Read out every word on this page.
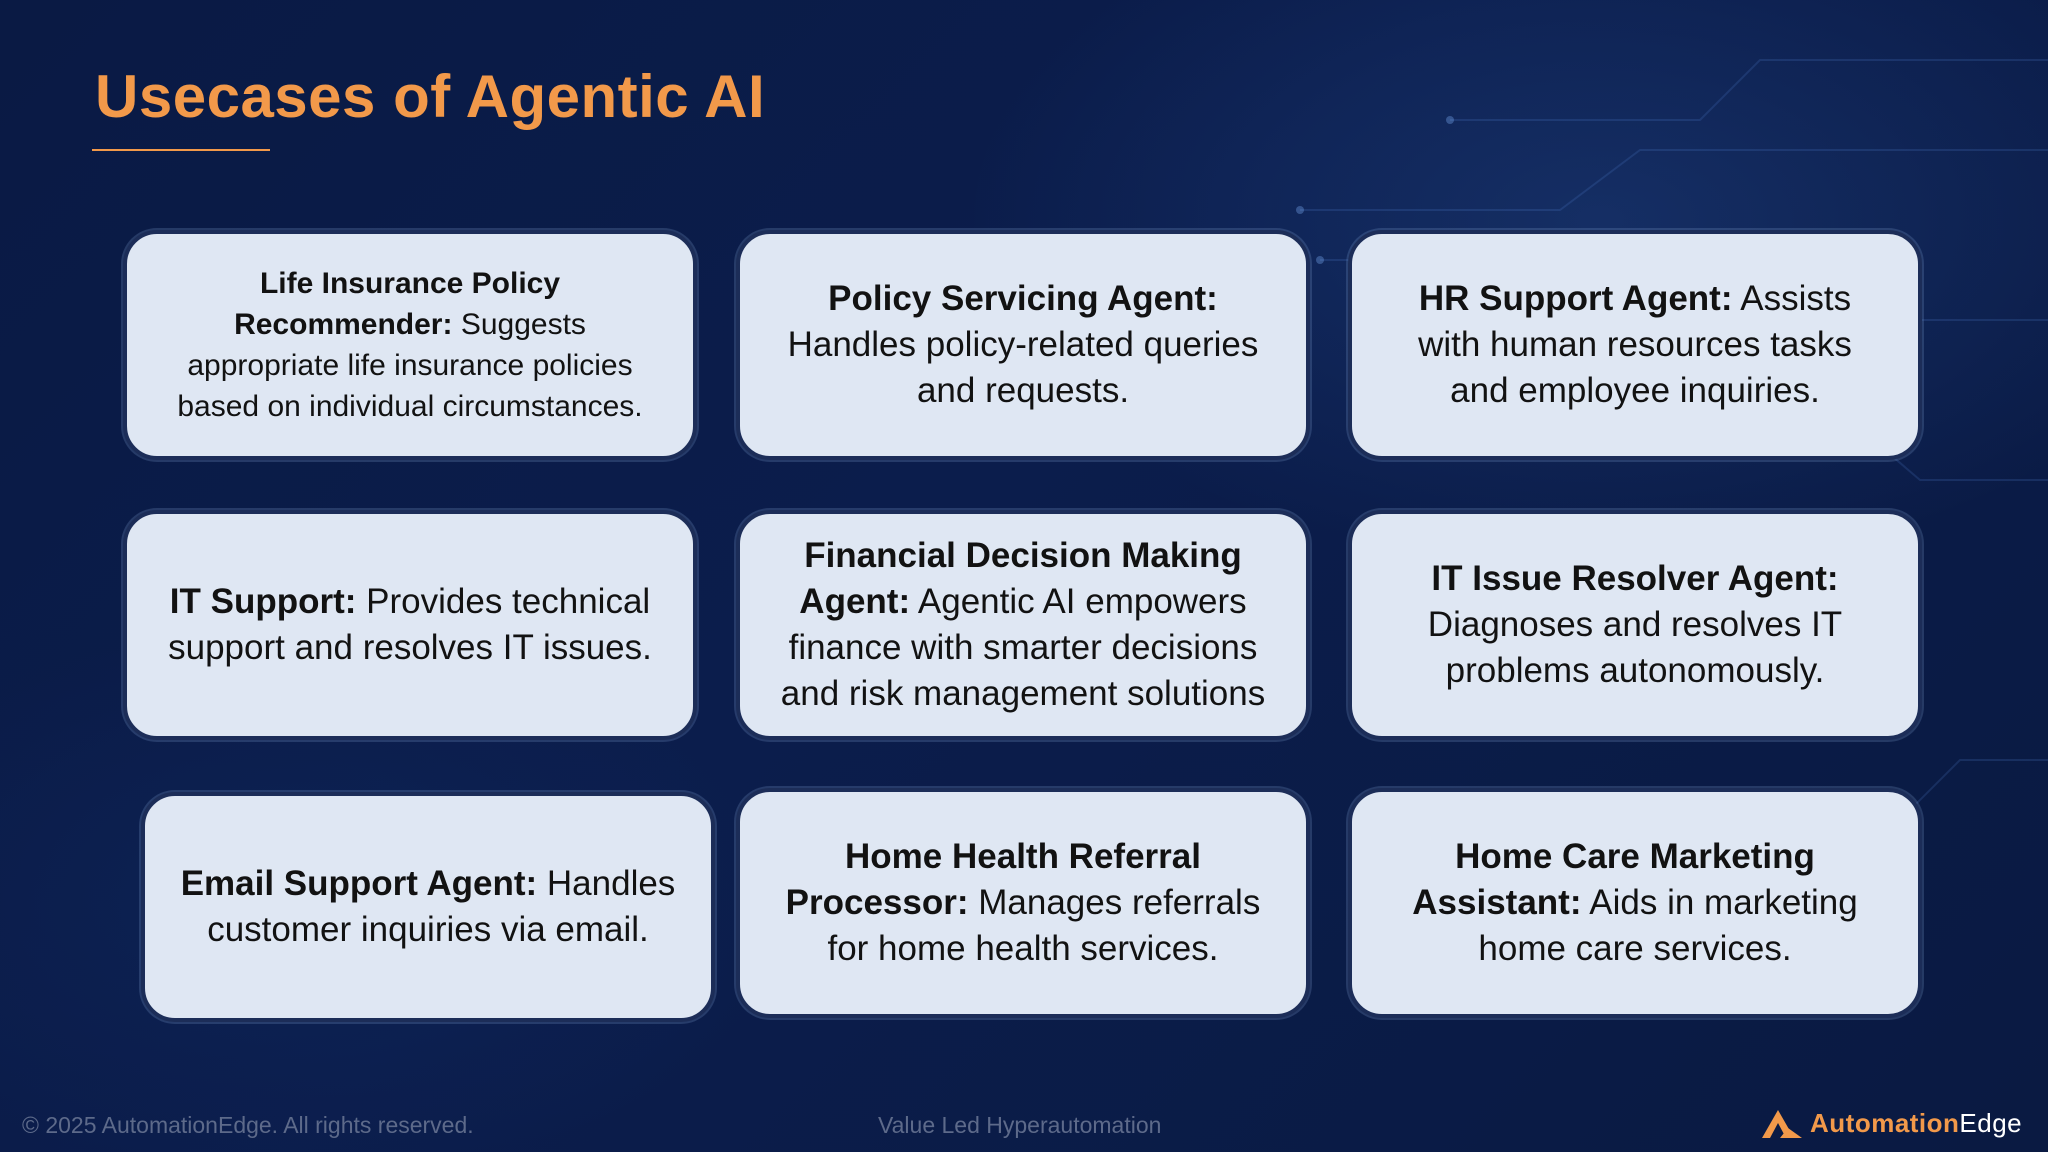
Usecases of Agentic AI

Life Insurance Policy Recommender: Suggests appropriate life insurance policies based on individual circumstances.

Policy Servicing Agent: Handles policy-related queries and requests.

HR Support Agent: Assists with human resources tasks and employee inquiries.

IT Support: Provides technical support and resolves IT issues.

Financial Decision Making Agent: Agentic AI empowers finance with smarter decisions and risk management solutions

IT Issue Resolver Agent: Diagnoses and resolves IT problems autonomously.

Email Support Agent: Handles customer inquiries via email.

Home Health Referral Processor: Manages referrals for home health services.

Home Care Marketing Assistant: Aids in marketing home care services.

© 2025 AutomationEdge. All rights reserved.	Value Led Hyperautomation	AutomationEdge
